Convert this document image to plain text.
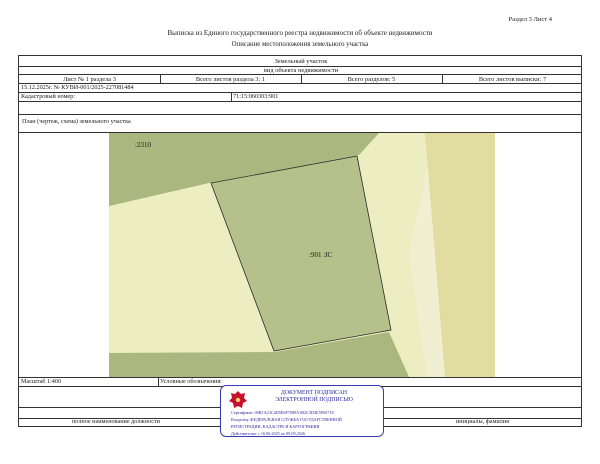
Раздел 3 Лист 4
Выписка из Единого государственного реестра недвижимости об объекте недвижимости
Описание местоположения земельного участка
Земельный участок
вид объекта недвижимости
Лист № 1 раздела 3	Всего листов раздела 3: 1	Всего разделов: 5	Всего листов выписки: 7
15.12.2025г. № КУВИ-001/2025-227081484
Кадастровый номер:	71:15:060303:901
План (чертеж, схема) земельного участка
:2310
:901 :IC
Масштаб 1:400	Условные обозначения:
полное наименование должности	инициалы, фамилия
ДОКУМЕНТ ПОДПИСАН
ЭЛЕКТРОННОЙ ПОДПИСЬЮ
Сертификат: 00B1A23C4D5E6F7089A1B2C3D4E5F60718
Владелец: ФЕДЕРАЛЬНАЯ СЛУЖБА ГОСУДАРСТВЕННОЙ
РЕГИСТРАЦИИ, КАДАСТРА И КАРТОГРАФИИ
Действителен: с 16.06.2025 по 09.09.2026
